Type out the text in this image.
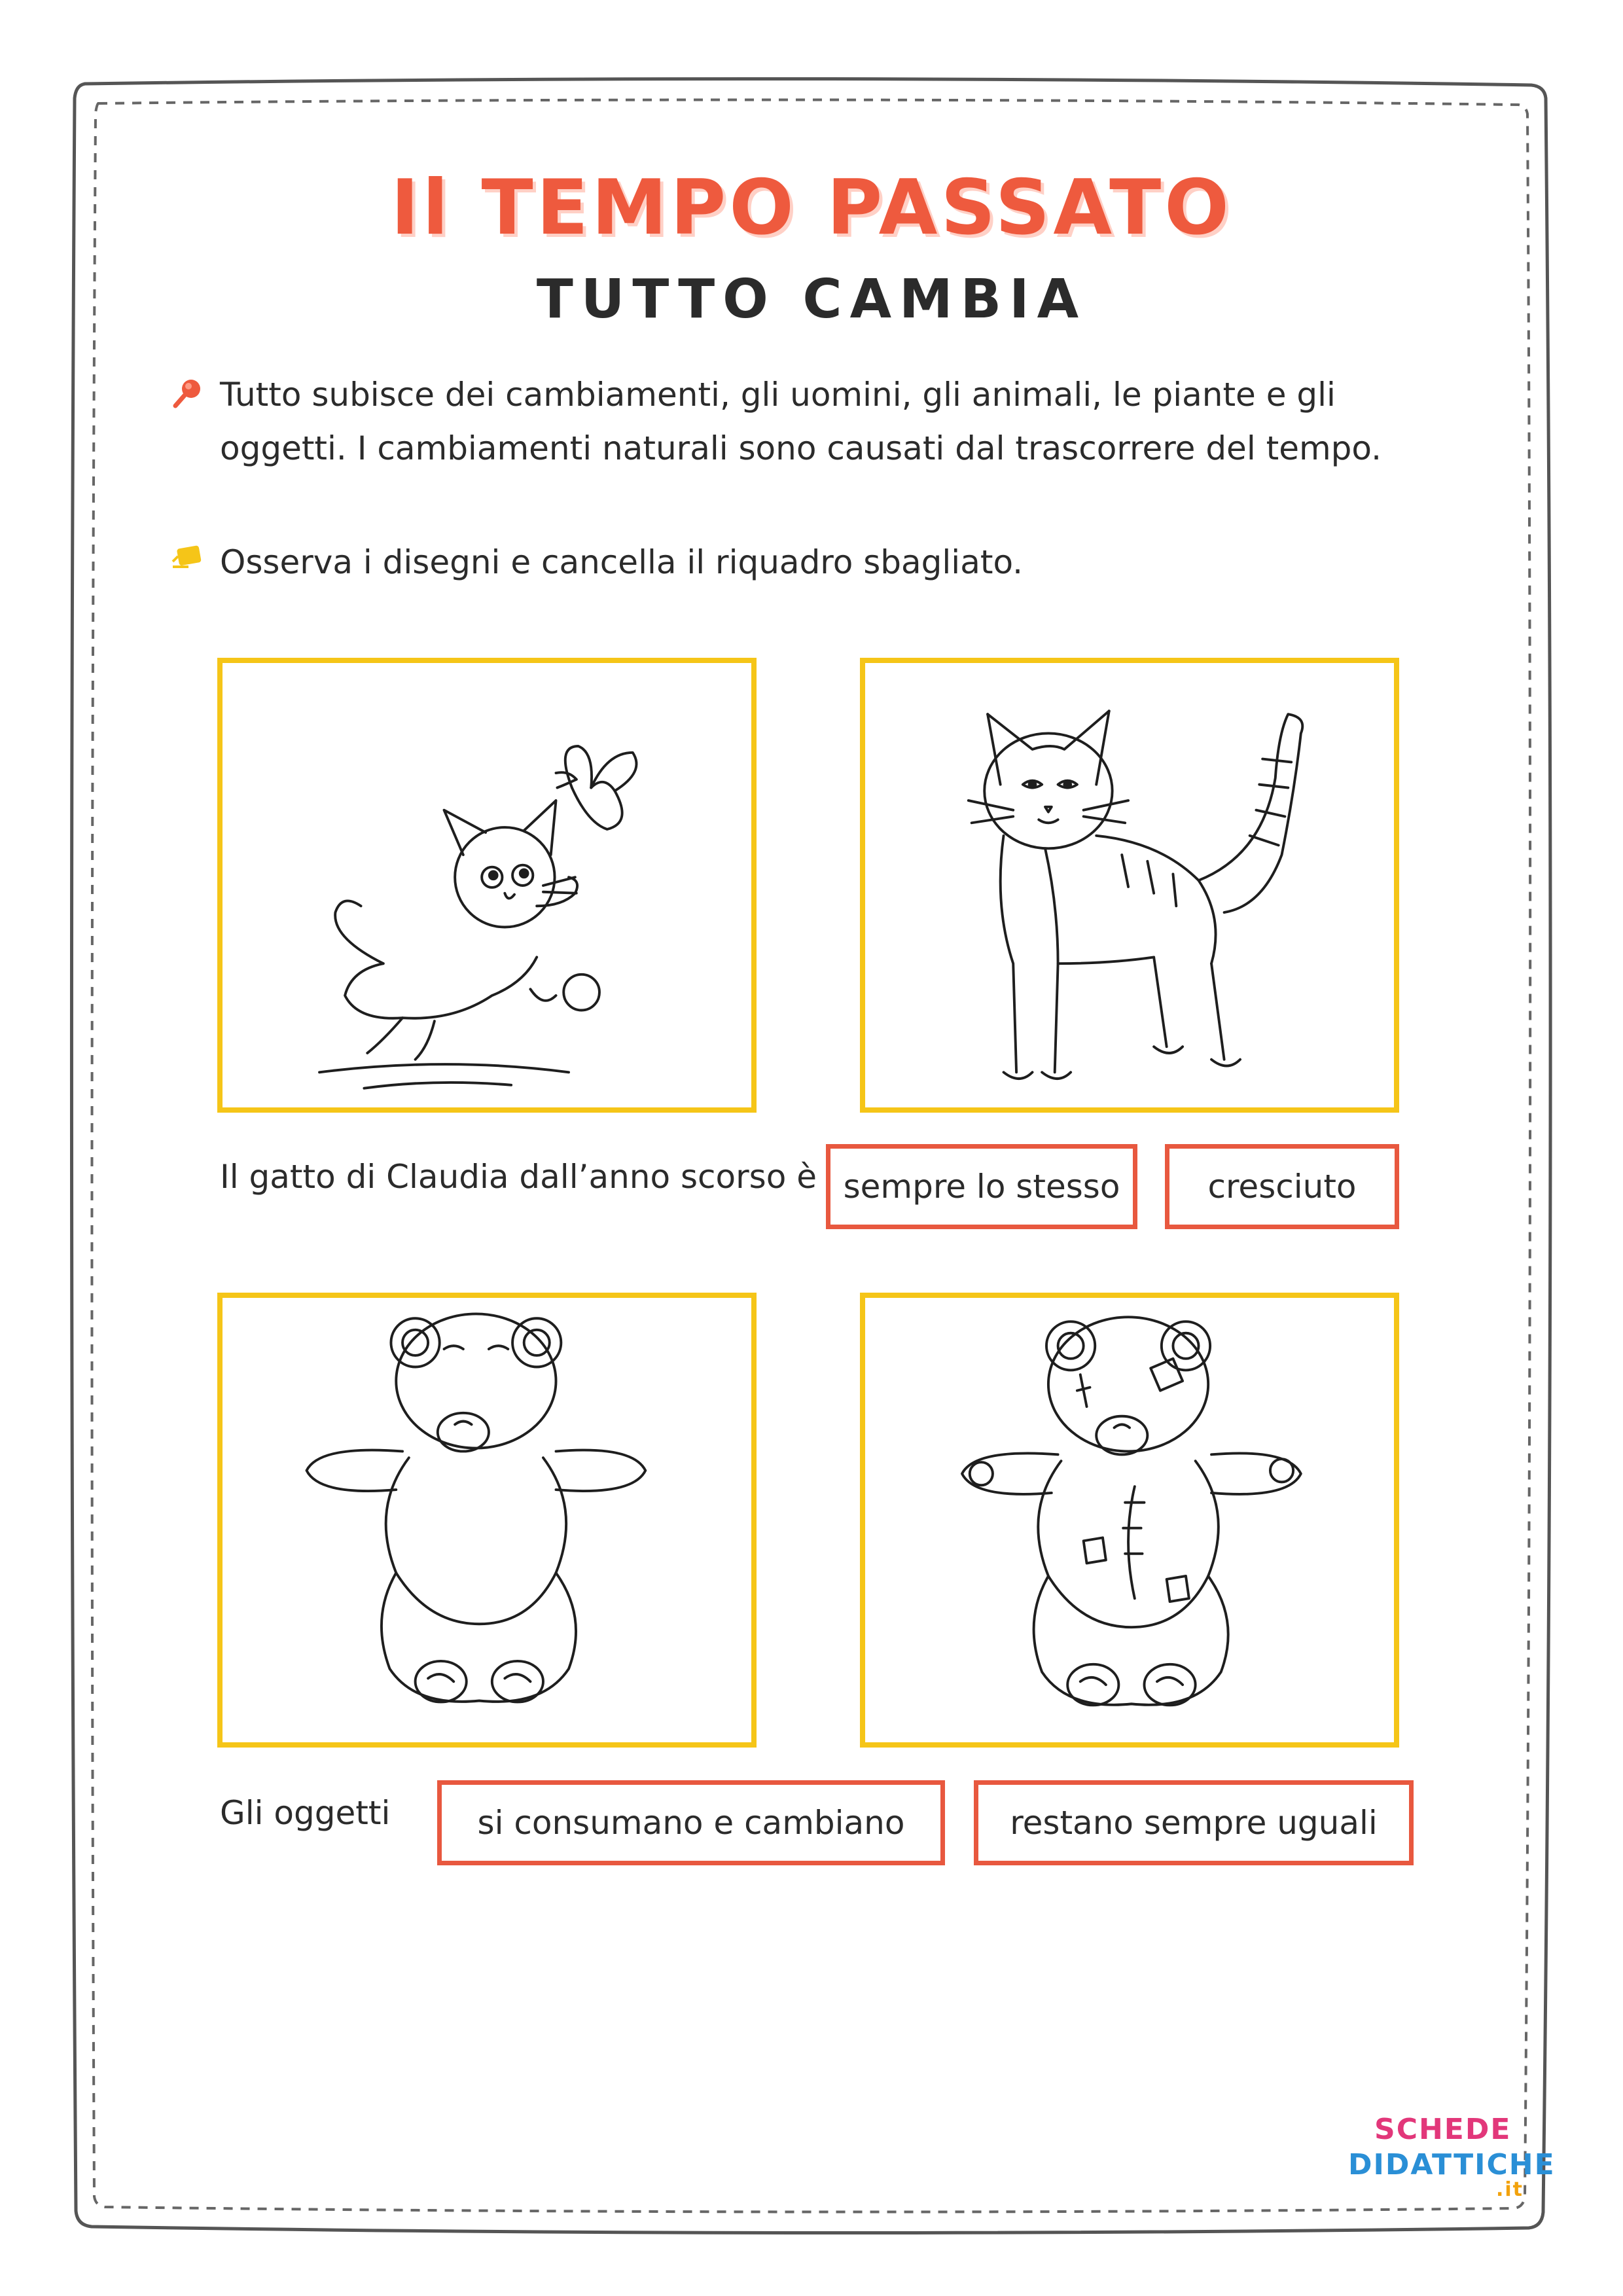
Il TEMPO PASSATO
TUTTO CAMBIA

Tutto subisce dei cambiamenti, gli uomini, gli animali, le piante e gli
oggetti. I cambiamenti naturali sono causati dal trascorrere del tempo.

Osserva i disegni e cancella il riquadro sbagliato.

Il gatto di Claudia dall’anno scorso è sempre lo stesso	cresciuto
Gli oggetti	si consumano e cambiano	restano sempre uguali
SCHEDE
DIDATTICHE
.it
